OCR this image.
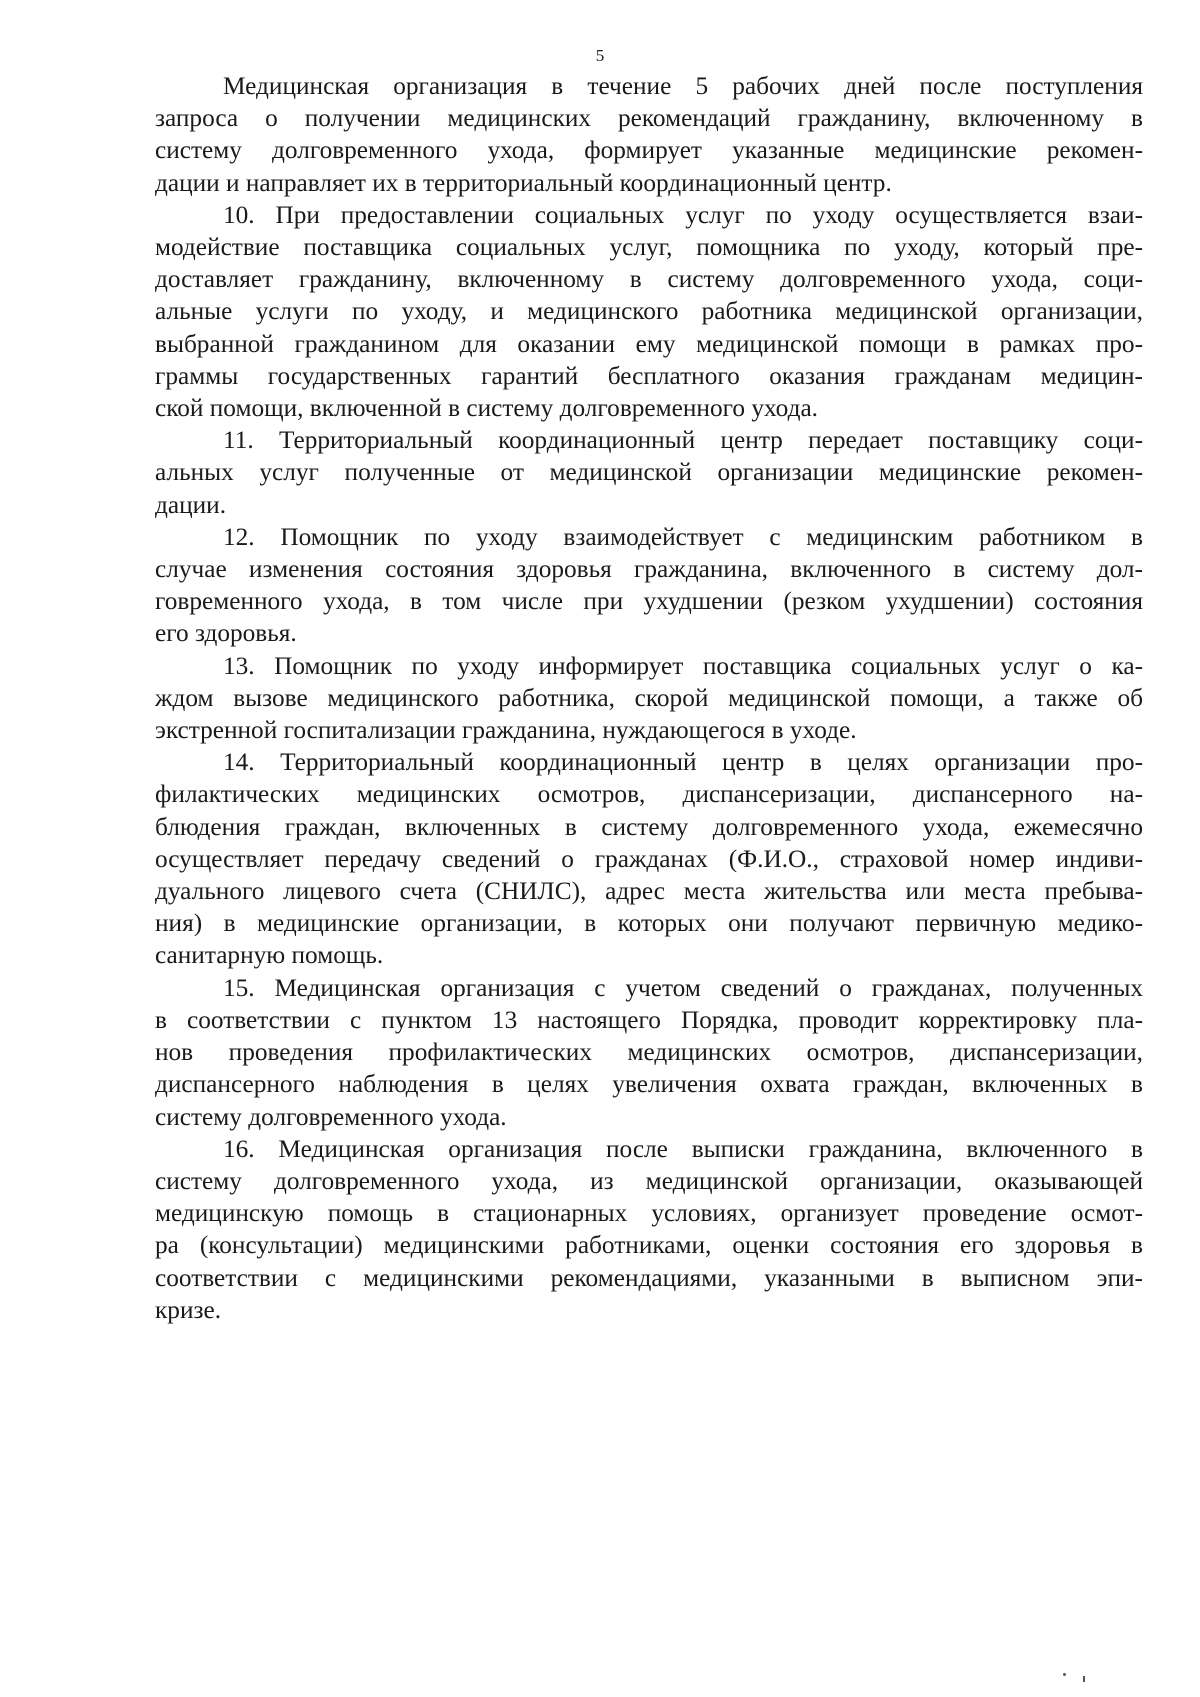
5

Медицинская организация в течение 5 рабочих дней после поступления
запроса о получении медицинских рекомендаций гражданину, включенному в
систему долговременного ухода, формирует указанные медицинские рекомен-
дации и направляет их в территориальный координационный центр.

10. При предоставлении социальных услуг по уходу осуществляется взаи-
модействие поставщика социальных услуг, помощника по уходу, который пре-
доставляет гражданину, включенному в систему долговременного ухода, соци-
альные услуги по уходу, и медицинского работника медицинской организации,
выбранной гражданином для оказании ему медицинской помощи в рамках про-
граммы государственных гарантий бесплатного оказания гражданам медицин-
ской помощи, включенной в систему долговременного ухода.

11. Территориальный координационный центр передает поставщику соци-
альных услуг полученные от медицинской организации медицинские рекомен-
дации.

12. Помощник по уходу взаимодействует с медицинским работником в
случае изменения состояния здоровья гражданина, включенного в систему дол-
говременного ухода, в том числе при ухудшении (резком ухудшении) состояния
его здоровья.

13. Помощник по уходу информирует поставщика социальных услуг о ка-
ждом вызове медицинского работника, скорой медицинской помощи, а также об
экстренной госпитализации гражданина, нуждающегося в уходе.

14. Территориальный координационный центр в целях организации про-
филактических медицинских осмотров, диспансеризации, диспансерного на-
блюдения граждан, включенных в систему долговременного ухода, ежемесячно
осуществляет передачу сведений о гражданах (Ф.И.О., страховой номер индиви-
дуального лицевого счета (СНИЛС), адрес места жительства или места пребыва-
ния) в медицинские организации, в которых они получают первичную медико-
санитарную помощь.

15. Медицинская организация с учетом сведений о гражданах, полученных
в соответствии с пунктом 13 настоящего Порядка, проводит корректировку пла-
нов проведения профилактических медицинских осмотров, диспансеризации,
диспансерного наблюдения в целях увеличения охвата граждан, включенных в
систему долговременного ухода.

16. Медицинская организация после выписки гражданина, включенного в
систему долговременного ухода, из медицинской организации, оказывающей
медицинскую помощь в стационарных условиях, организует проведение осмот-
ра (консультации) медицинскими работниками, оценки состояния его здоровья в
соответствии с медицинскими рекомендациями, указанными в выписном эпи-
кризе.
